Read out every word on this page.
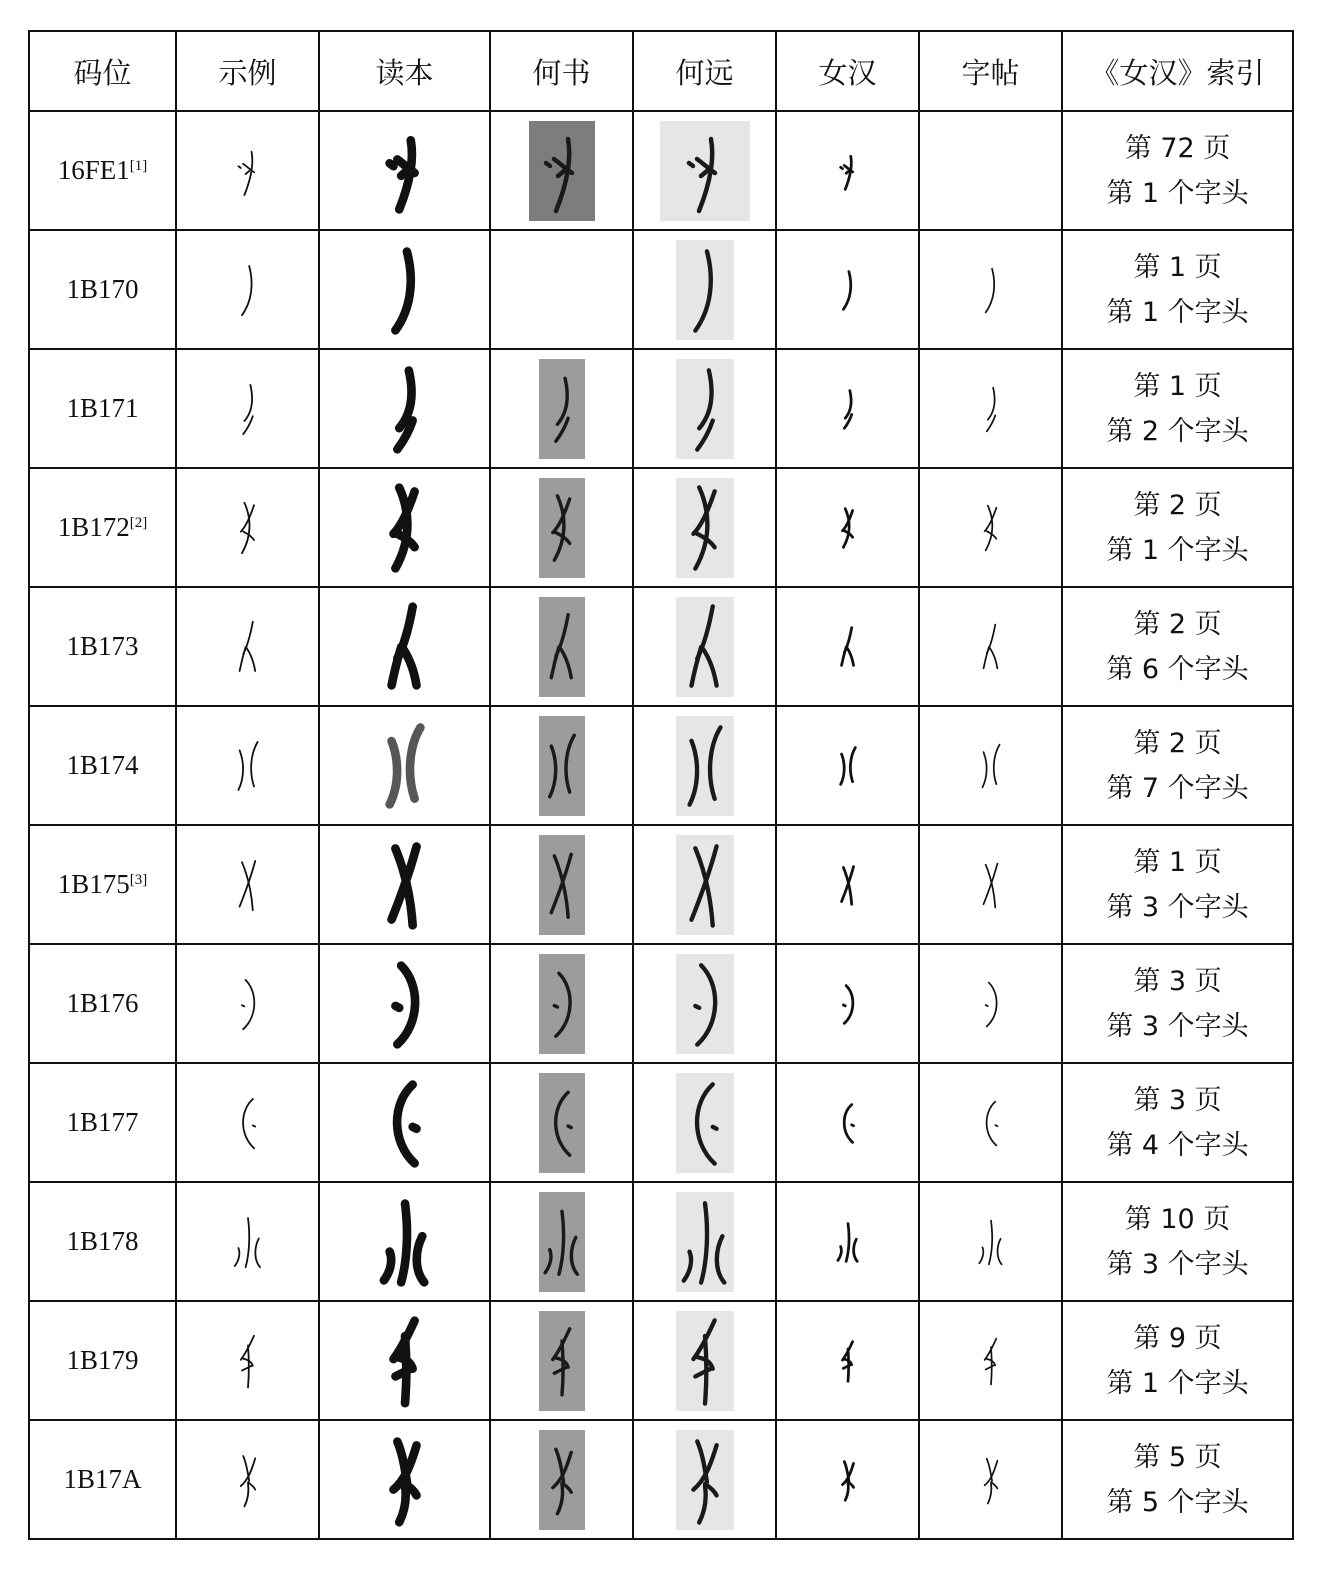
码位	示例	读本	何书	何远	女汉	字帖	《女汉》索引
16FE1[1]							第 72 页
第 1 个字头

1B170							第 1 页
第 1 个字头

1B171							第 1 页
第 2 个字头

1B172[2]							第 2 页
第 1 个字头

1B173							第 2 页
第 6 个字头

1B174							第 2 页
第 7 个字头

1B175[3]							第 1 页
第 3 个字头

1B176							第 3 页
第 3 个字头

1B177							第 3 页
第 4 个字头

1B178							第 10 页
第 3 个字头

1B179							第 9 页
第 1 个字头

1B17A							第 5 页
第 5 个字头
